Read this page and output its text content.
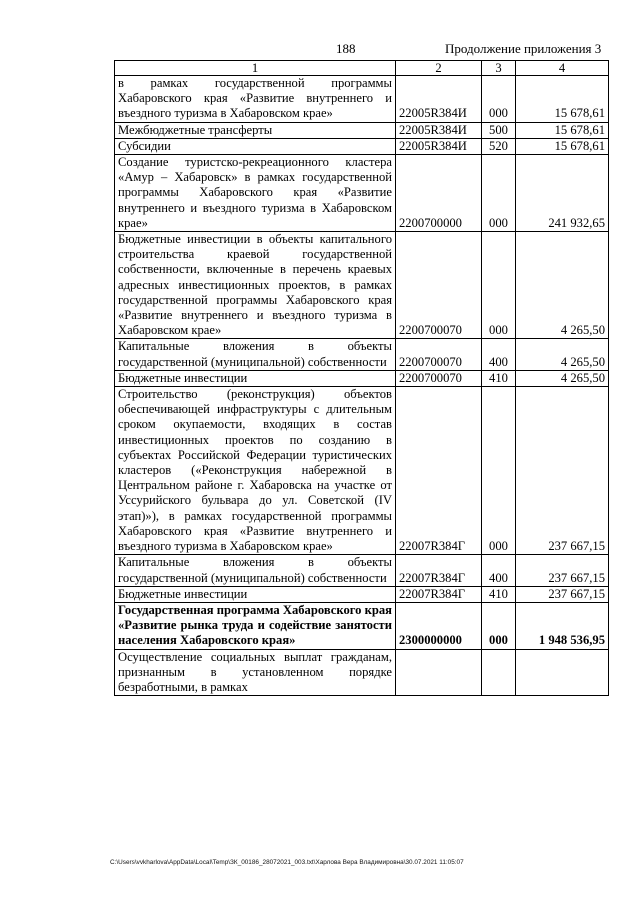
188	Продолжение приложения 3
1	2	3	4
в рамках государственной программы Хабаровского края «Развитие внутреннего и въездного туризма в Хабаровском крае»	22005R384И	000	15 678,61
Межбюджетные трансферты	22005R384И	500	15 678,61
Субсидии	22005R384И	520	15 678,61
Создание туристско-рекреационного кластера «Амур – Хабаровск» в рамках государственной программы Хабаровского края «Развитие внутреннего и въездного туризма в Хабаровском крае»	2200700000	000	241 932,65
Бюджетные инвестиции в объекты капитального строительства краевой государственной собственности, включенные в перечень краевых адресных инвестиционных проектов, в рамках государственной программы Хабаровского края «Развитие внутреннего и въездного туризма в Хабаровском крае»	2200700070	000	4 265,50
Капитальные вложения в объекты государственной (муниципальной) собственности	2200700070	400	4 265,50
Бюджетные инвестиции	2200700070	410	4 265,50
Строительство (реконструкция) объектов обеспечивающей инфраструктуры с длительным сроком окупаемости, входящих в состав инвестиционных проектов по созданию в субъектах Российской Федерации туристических кластеров («Реконструкция набережной в Центральном районе г. Хабаровска на участке от Уссурийского бульвара до ул. Советской (IV этап)»), в рамках государственной программы Хабаровского края «Развитие внутреннего и въездного туризма в Хабаровском крае»	22007R384Г	000	237 667,15
Капитальные вложения в объекты государственной (муниципальной) собственности	22007R384Г	400	237 667,15
Бюджетные инвестиции	22007R384Г	410	237 667,15
Государственная программа Хабаровского края «Развитие рынка труда и содействие занятости населения Хабаровского края»	2300000000	000	1 948 536,95
Осуществление социальных выплат гражданам, признанным в установленном порядке безработными, в рамках			
C:\Users\vvkharlova\AppData\Local\Temp\ЗК_00186_28072021_003.txt\Харлова Вера Владимировна\30.07.2021 11:05:07
